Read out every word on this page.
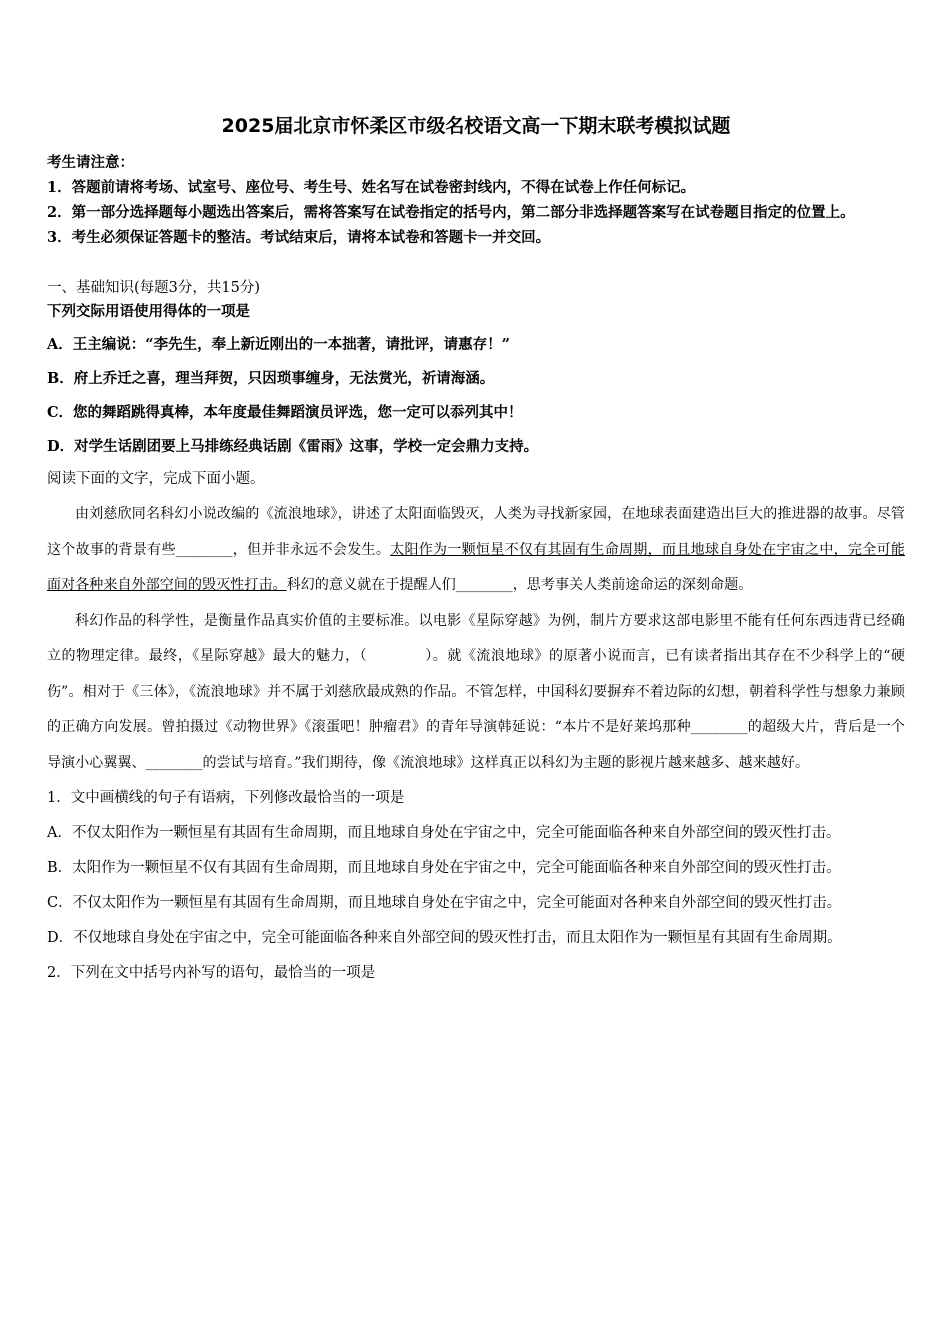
2025届北京市怀柔区市级名校语文高一下期末联考模拟试题

考生请注意：

1．答题前请将考场、试室号、座位号、考生号、姓名写在试卷密封线内，不得在试卷上作任何标记。

2．第一部分选择题每小题选出答案后，需将答案写在试卷指定的括号内，第二部分非选择题答案写在试卷题目指定的位置上。

3．考生必须保证答题卡的整洁。考试结束后，请将本试卷和答题卡一并交回。

一、基础知识(每题3分，共15分)
下列交际用语使用得体的一项是

A．王主编说：“李先生，奉上新近刚出的一本拙著，请批评，请惠存！”

B．府上乔迁之喜，理当拜贺，只因琐事缠身，无法赏光，祈请海涵。

C．您的舞蹈跳得真棒，本年度最佳舞蹈演员评选，您一定可以忝列其中！

D．对学生话剧团要上马排练经典话剧《雷雨》这事，学校一定会鼎力支持。

阅读下面的文字，完成下面小题。

由刘慈欣同名科幻小说改编的《流浪地球》，讲述了太阳面临毁灭，人类为寻找新家园，在地球表面建造出巨大的推进器的故事。尽管这个故事的背景有些________，但并非永远不会发生。太阳作为一颗恒星不仅有其固有生命周期，而且地球自身处在宇宙之中，完全可能面对各种来自外部空间的毁灭性打击。科幻的意义就在于提醒人们________，思考事关人类前途命运的深刻命题。

科幻作品的科学性，是衡量作品真实价值的主要标准。以电影《星际穿越》为例，制片方要求这部电影里不能有任何东西违背已经确立的物理定律。最终，《星际穿越》最大的魅力，（　　　　）。就《流浪地球》的原著小说而言，已有读者指出其存在不少科学上的“硬伤”。相对于《三体》，《流浪地球》并不属于刘慈欣最成熟的作品。不管怎样，中国科幻要摒弃不着边际的幻想，朝着科学性与想象力兼顾的正确方向发展。曾拍摄过《动物世界》《滚蛋吧！肿瘤君》的青年导演韩延说：“本片不是好莱坞那种________的超级大片，背后是一个导演小心翼翼、________的尝试与培育。”我们期待，像《流浪地球》这样真正以科幻为主题的影视片越来越多、越来越好。

1．文中画横线的句子有语病，下列修改最恰当的一项是

A．不仅太阳作为一颗恒星有其固有生命周期，而且地球自身处在宇宙之中，完全可能面临各种来自外部空间的毁灭性打击。

B．太阳作为一颗恒星不仅有其固有生命周期，而且地球自身处在宇宙之中，完全可能面临各种来自外部空间的毁灭性打击。

C．不仅太阳作为一颗恒星有其固有生命周期，而且地球自身处在宇宙之中，完全可能面对各种来自外部空间的毁灭性打击。

D．不仅地球自身处在宇宙之中，完全可能面临各种来自外部空间的毁灭性打击，而且太阳作为一颗恒星有其固有生命周期。

2．下列在文中括号内补写的语句，最恰当的一项是
